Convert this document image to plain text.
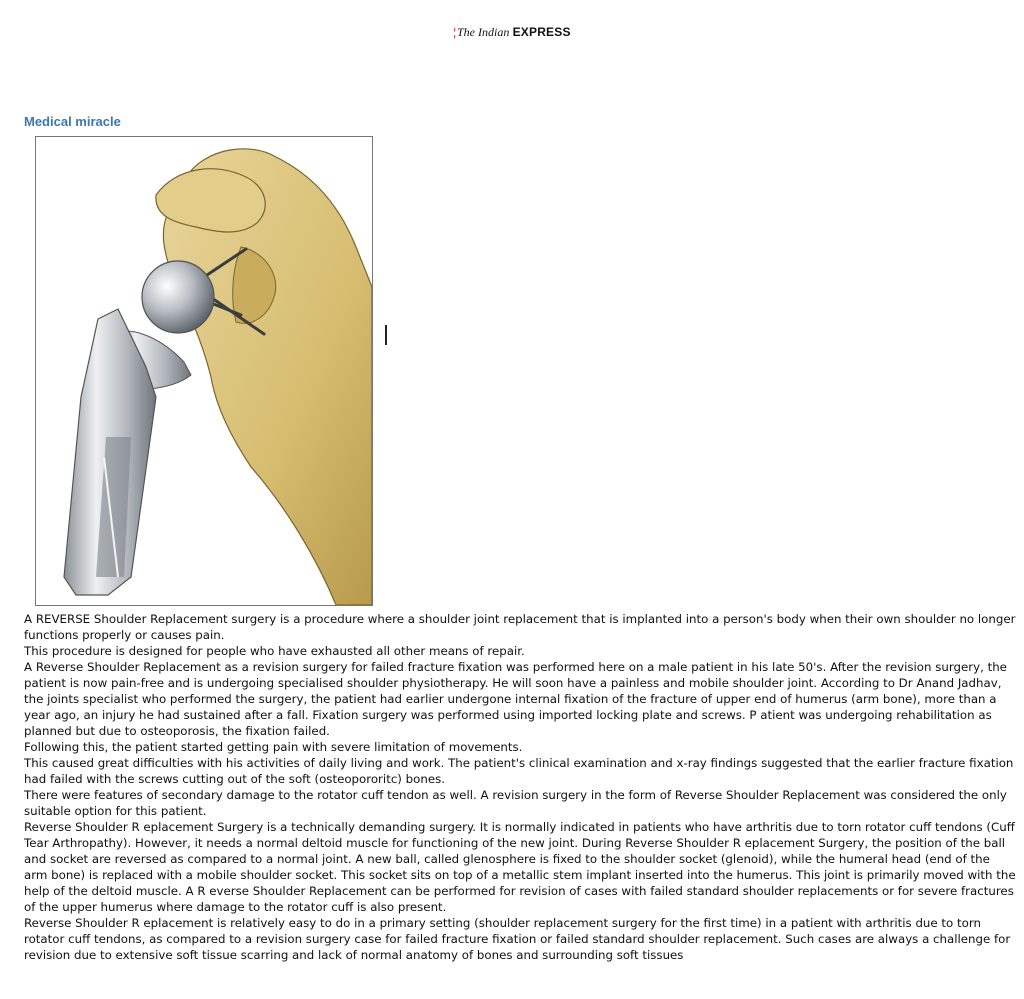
¦The Indian EXPRESS
Medical miracle

A REVERSE Shoulder Replacement surgery is a procedure where a shoulder joint replacement that is implanted into a person's body when their own shoulder no longer functions properly or causes pain.

This procedure is designed for people who have exhausted all other means of repair.

A Reverse Shoulder Replacement as a revision surgery for failed fracture fixation was performed here on a male patient in his late 50's. After the revision surgery, the patient is now pain-free and is undergoing specialised shoulder physiotherapy. He will soon have a painless and mobile shoulder joint. According to Dr Anand Jadhav, the joints specialist who performed the surgery, the patient had earlier undergone internal fixation of the fracture of upper end of humerus (arm bone), more than a year ago, an injury he had sustained after a fall. Fixation surgery was performed using imported locking plate and screws. P atient was undergoing rehabilitation as planned but due to osteoporosis, the fixation failed.

Following this, the patient started getting pain with severe limitation of movements.

This caused great difficulties with his activities of daily living and work. The patient's clinical examination and x-ray findings suggested that the earlier fracture fixation had failed with the screws cutting out of the soft (osteopororitc) bones.

There were features of secondary damage to the rotator cuff tendon as well. A revision surgery in the form of Reverse Shoulder Replacement was considered the only suitable option for this patient.

Reverse Shoulder R eplacement Surgery is a technically demanding surgery. It is normally indicated in patients who have arthritis due to torn rotator cuff tendons (Cuff Tear Arthropathy). However, it needs a normal deltoid muscle for functioning of the new joint. During Reverse Shoulder R eplacement Surgery, the position of the ball and socket are reversed as compared to a normal joint. A new ball, called glenosphere is fixed to the shoulder socket (glenoid), while the humeral head (end of the arm bone) is replaced with a mobile shoulder socket. This socket sits on top of a metallic stem implant inserted into the humerus. This joint is primarily moved with the help of the deltoid muscle. A R everse Shoulder Replacement can be performed for revision of cases with failed standard shoulder replacements or for severe fractures of the upper humerus where damage to the rotator cuff is also present.

Reverse Shoulder R eplacement is relatively easy to do in a primary setting (shoulder replacement surgery for the first time) in a patient with arthritis due to torn rotator cuff tendons, as compared to a revision surgery case for failed fracture fixation or failed standard shoulder replacement. Such cases are always a challenge for revision due to extensive soft tissue scarring and lack of normal anatomy of bones and surrounding soft tissues
